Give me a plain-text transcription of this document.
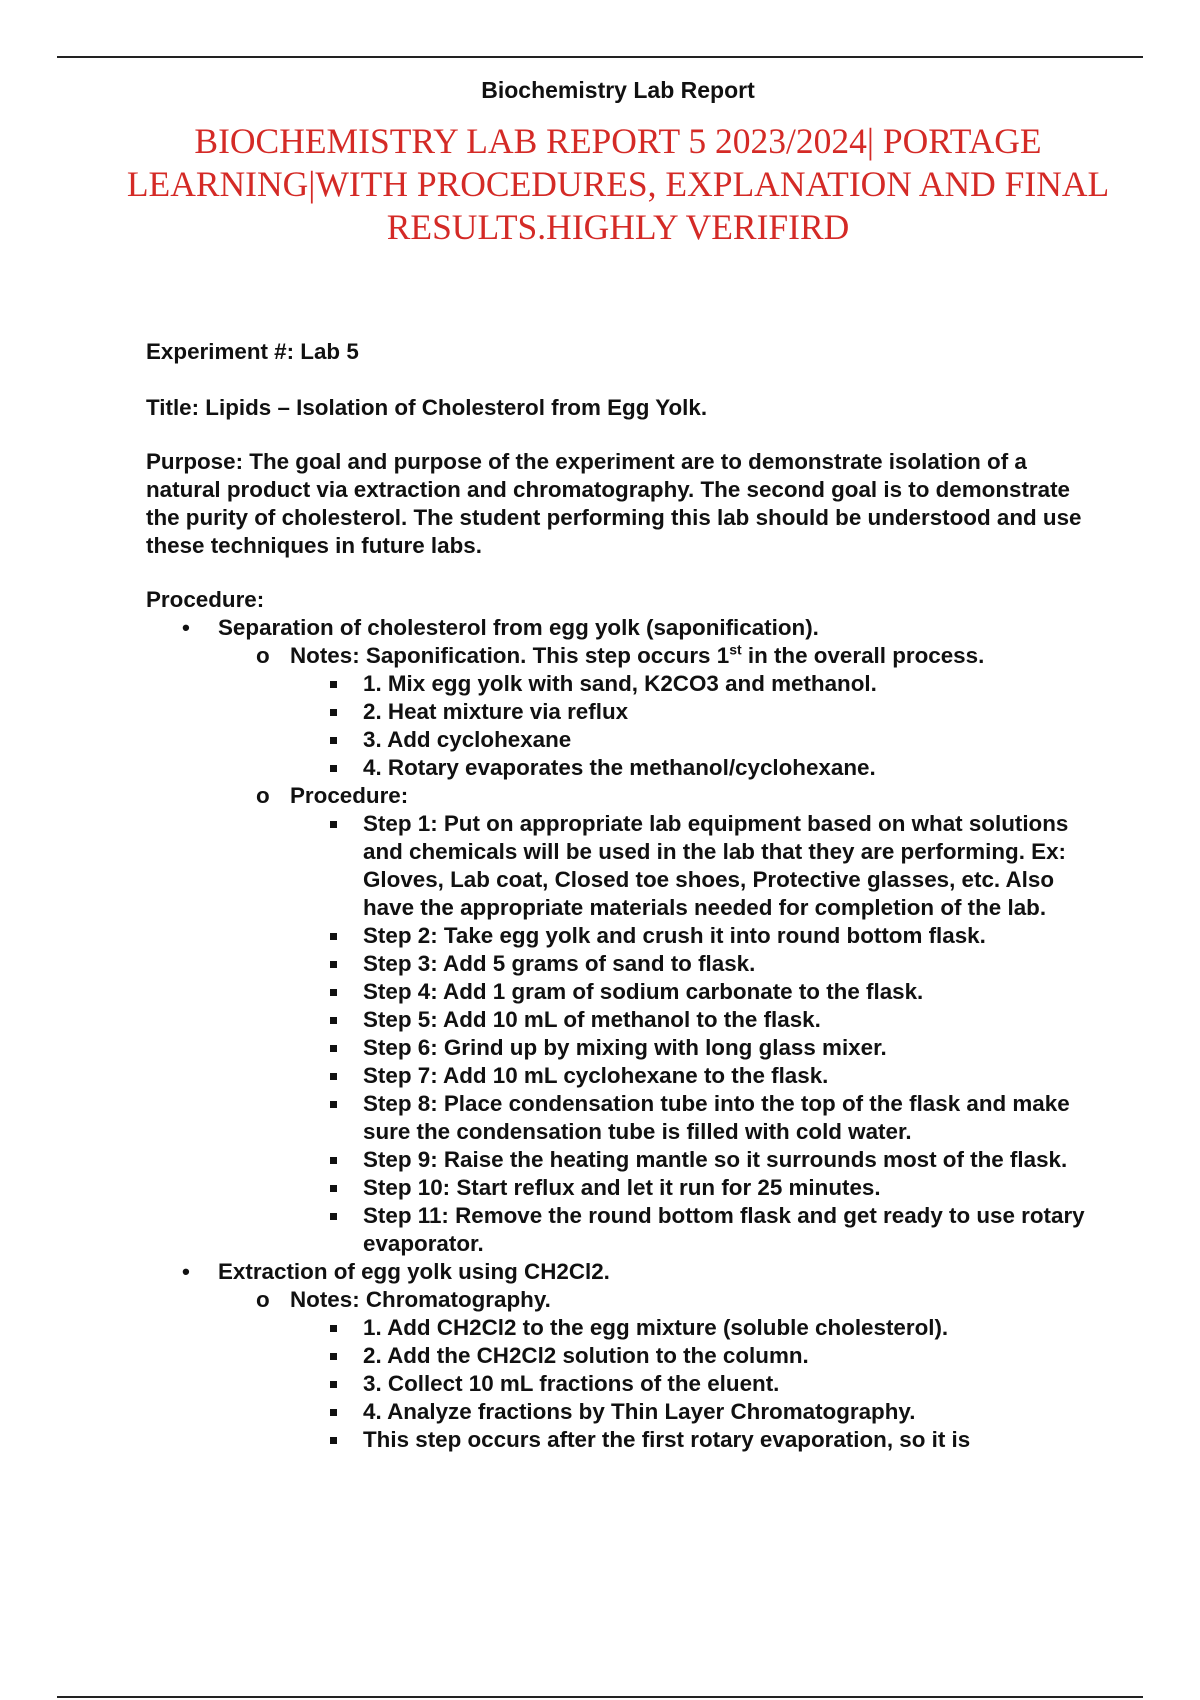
Biochemistry Lab Report
BIOCHEMISTRY LAB REPORT 5 2023/2024| PORTAGE LEARNING|WITH PROCEDURES, EXPLANATION AND FINAL RESULTS.HIGHLY VERIFIRD

Experiment #: Lab 5

Title: Lipids – Isolation of Cholesterol from Egg Yolk.

Purpose: The goal and purpose of the experiment are to demonstrate isolation of a natural product via extraction and chromatography. The second goal is to demonstrate the purity of cholesterol. The student performing this lab should be understood and use these techniques in future labs.

Procedure:

• Separation of cholesterol from egg yolk (saponification).
o Notes: Saponification. This step occurs 1st in the overall process.
1. Mix egg yolk with sand, K2CO3 and methanol.
2. Heat mixture via reflux
3. Add cyclohexane
4. Rotary evaporates the methanol/cyclohexane.
o Procedure:
Step 1: Put on appropriate lab equipment based on what solutions and chemicals will be used in the lab that they are performing. Ex: Gloves, Lab coat, Closed toe shoes, Protective glasses, etc. Also have the appropriate materials needed for completion of the lab.
Step 2: Take egg yolk and crush it into round bottom flask.
Step 3: Add 5 grams of sand to flask.
Step 4: Add 1 gram of sodium carbonate to the flask.
Step 5: Add 10 mL of methanol to the flask.
Step 6: Grind up by mixing with long glass mixer.
Step 7: Add 10 mL cyclohexane to the flask.
Step 8: Place condensation tube into the top of the flask and make sure the condensation tube is filled with cold water.
Step 9: Raise the heating mantle so it surrounds most of the flask.
Step 10: Start reflux and let it run for 25 minutes.
Step 11: Remove the round bottom flask and get ready to use rotary evaporator.
• Extraction of egg yolk using CH2Cl2.
o Notes: Chromatography.
1. Add CH2Cl2 to the egg mixture (soluble cholesterol).
2. Add the CH2Cl2 solution to the column.
3. Collect 10 mL fractions of the eluent.
4. Analyze fractions by Thin Layer Chromatography.
This step occurs after the first rotary evaporation, so it is
